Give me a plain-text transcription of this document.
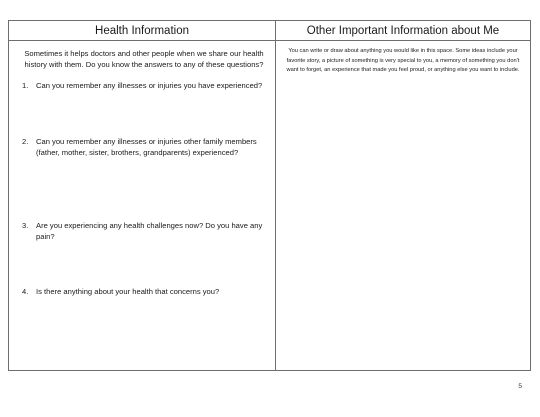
Health Information
Sometimes it helps doctors and other people when we share our health history with them. Do you know the answers to any of these questions?
1.	Can you remember any illnesses or injuries you have experienced?
2.	Can you remember any illnesses or injuries other family members (father, mother, sister, brothers, grandparents) experienced?
3.	Are you experiencing any health challenges now? Do you have any pain?
4.	Is there anything about your health that concerns you?
Other Important Information about Me
You can write or draw about anything you would like in this space. Some ideas include your favorite story, a picture of something is very special to you, a memory of something you don't want to forget, an experience that made you feel proud, or anything else you want to include.
5
